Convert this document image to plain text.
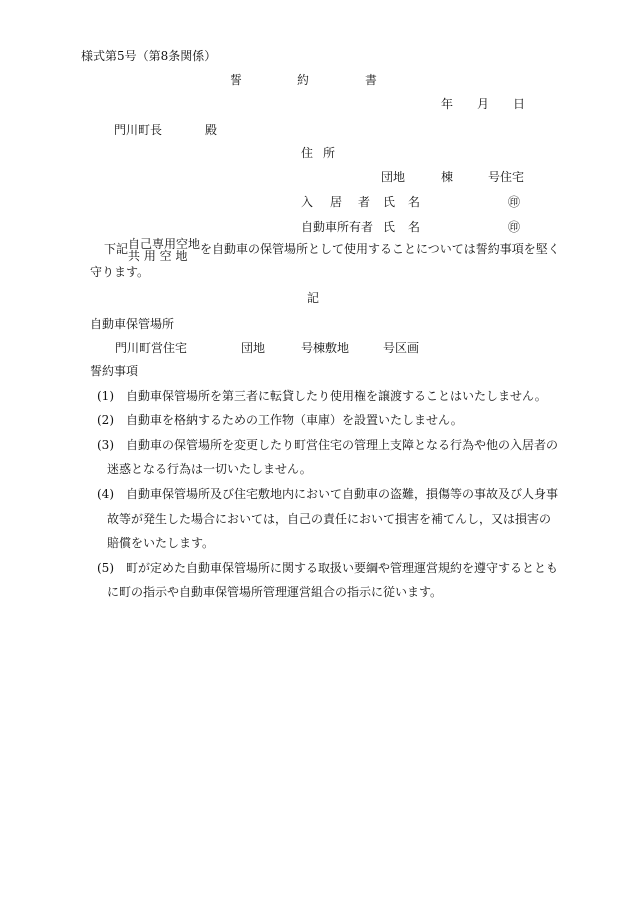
様式第5号（第8条関係）
誓	約	書
年 月 日
門川町長	殿
住 所
団地	棟	号住宅
入 居 者 氏 名	㊞
自動車所有者 氏 名	㊞
下記 自己専用空地
共 用 空 地	を自動車の保管場所として使用することについては誓約事項を堅く
守ります。
記
自動車保管場所
門川町営住宅	団地	号棟敷地	号区画
誓約事項
(1) 自動車保管場所を第三者に転貸したり使用権を譲渡することはいたしません。
(2) 自動車を格納するための工作物（車庫）を設置いたしません。
(3) 自動車の保管場所を変更したり町営住宅の管理上支障となる行為や他の入居者の
迷惑となる行為は一切いたしません。
(4) 自動車保管場所及び住宅敷地内において自動車の盗難，損傷等の事故及び人身事
故等が発生した場合においては，自己の責任において損害を補てんし，又は損害の
賠償をいたします。
(5) 町が定めた自動車保管場所に関する取扱い要綱や管理運営規約を遵守するととも
に町の指示や自動車保管場所管理運営組合の指示に従います。
